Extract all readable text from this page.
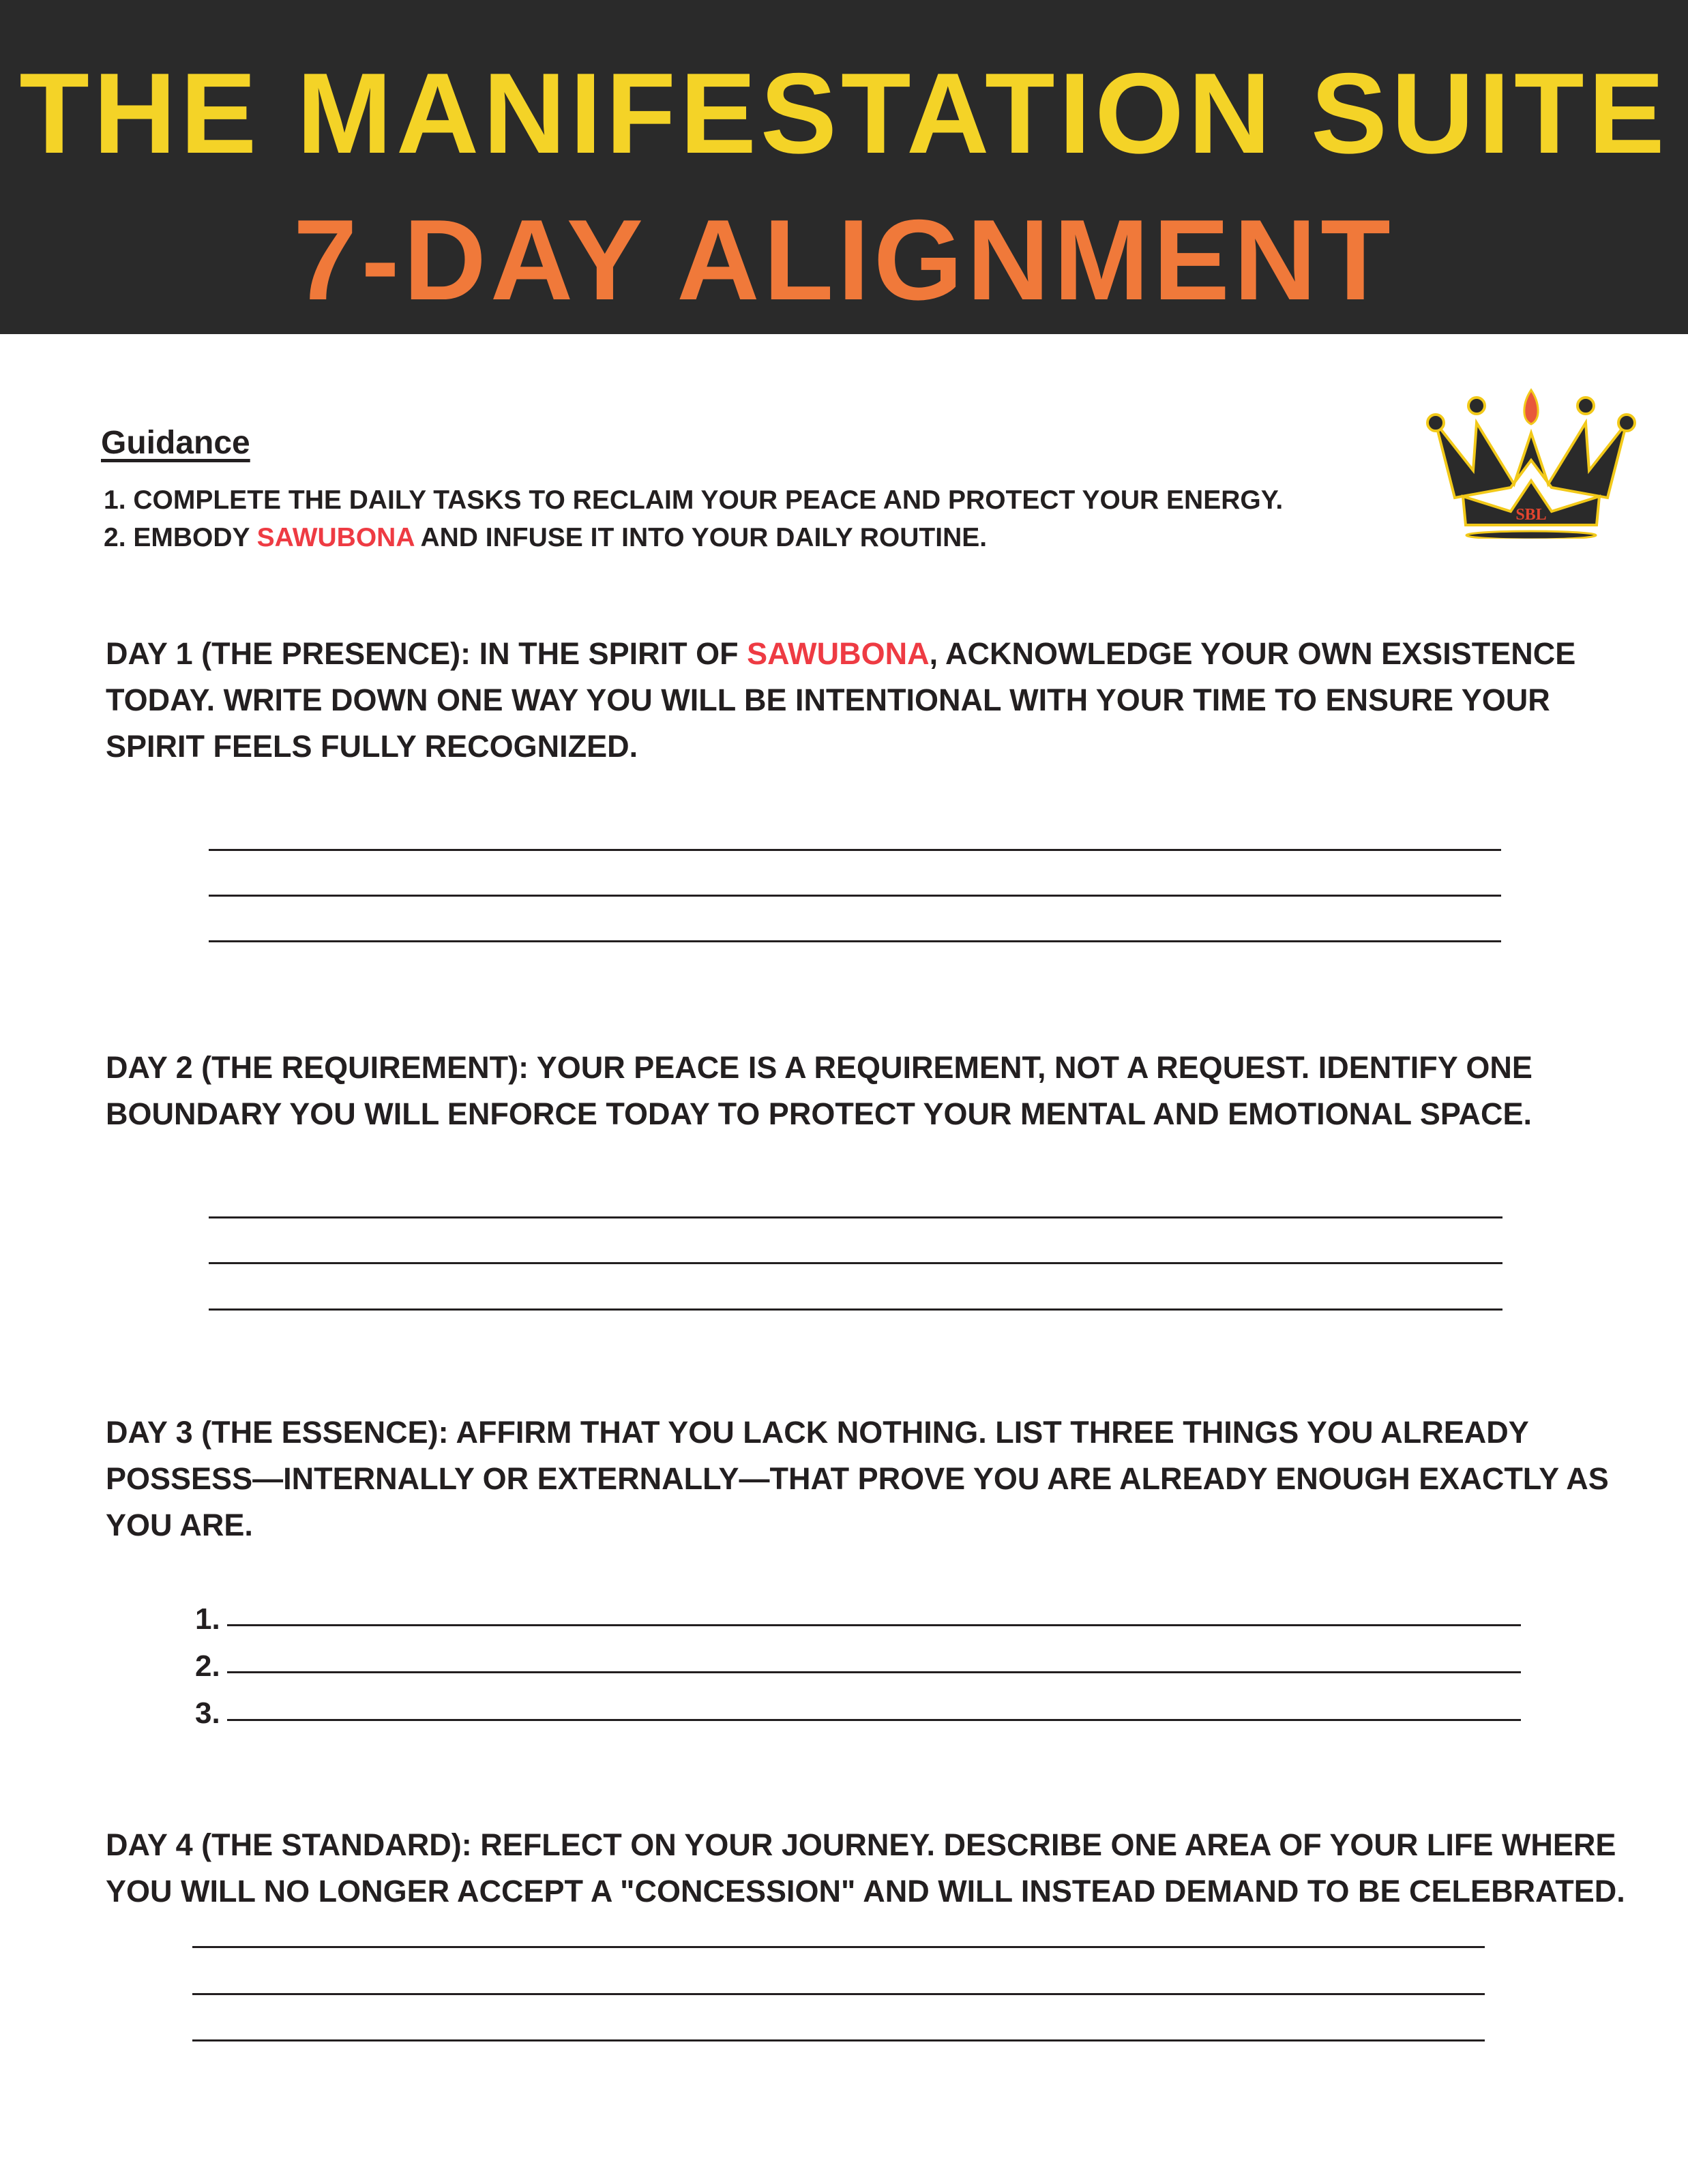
THE MANIFESTATION SUITE
7-DAY ALIGNMENT
SBL
Guidance
1. COMPLETE THE DAILY TASKS TO RECLAIM YOUR PEACE AND PROTECT YOUR ENERGY.
2. EMBODY SAWUBONA AND INFUSE IT INTO YOUR DAILY ROUTINE.
DAY 1 (THE PRESENCE): IN THE SPIRIT OF SAWUBONA, ACKNOWLEDGE YOUR OWN EXSISTENCE TODAY. WRITE DOWN ONE WAY YOU WILL BE INTENTIONAL WITH YOUR TIME TO ENSURE YOUR SPIRIT FEELS FULLY RECOGNIZED.
DAY 2 (THE REQUIREMENT): YOUR PEACE IS A REQUIREMENT, NOT A REQUEST. IDENTIFY ONE BOUNDARY YOU WILL ENFORCE TODAY TO PROTECT YOUR MENTAL AND EMOTIONAL SPACE.
DAY 3 (THE ESSENCE): AFFIRM THAT YOU LACK NOTHING. LIST THREE THINGS YOU ALREADY POSSESS—INTERNALLY OR EXTERNALLY—THAT PROVE YOU ARE ALREADY ENOUGH EXACTLY AS YOU ARE.
1.
2.
3.
DAY 4 (THE STANDARD): REFLECT ON YOUR JOURNEY. DESCRIBE ONE AREA OF YOUR LIFE WHERE YOU WILL NO LONGER ACCEPT A "CONCESSION" AND WILL INSTEAD DEMAND TO BE CELEBRATED.
